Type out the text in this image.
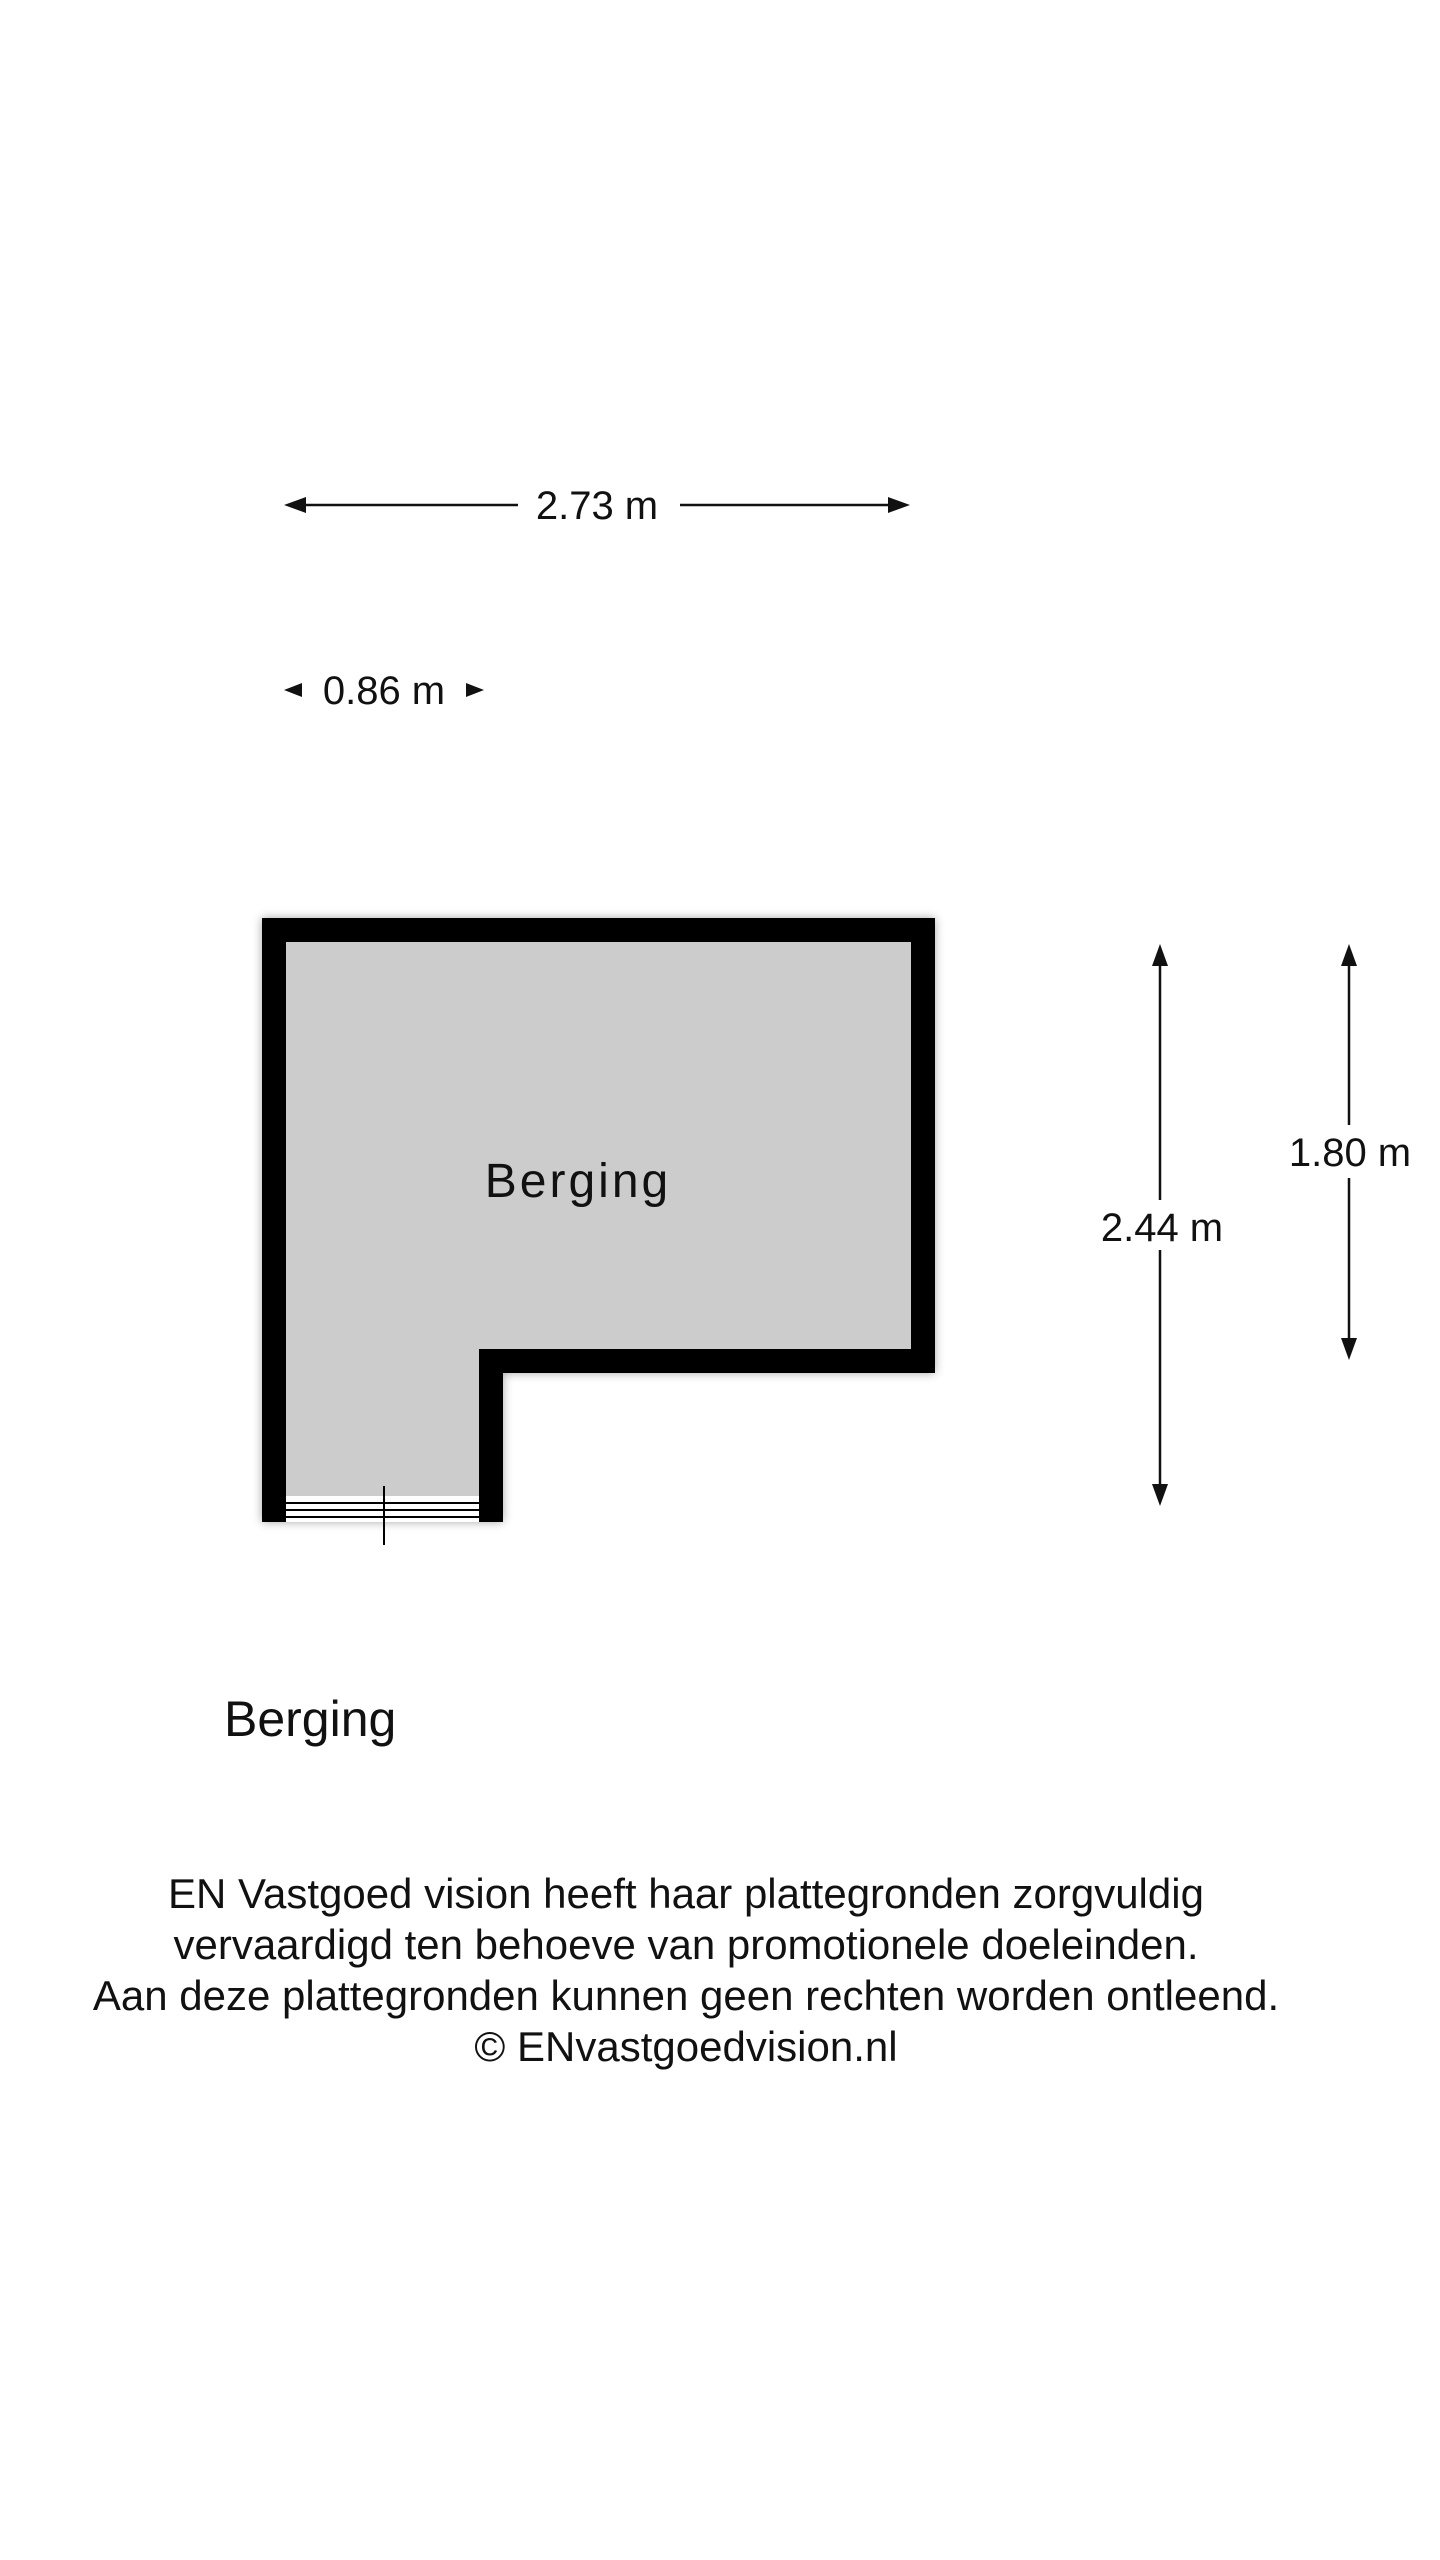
2.73 m
0.86 m
Berging
2.44 m
1.80 m
Berging
EN Vastgoed vision heeft haar plattegronden zorgvuldig
vervaardigd ten behoeve van promotionele doeleinden.
Aan deze plattegronden kunnen geen rechten worden ontleend.
© ENvastgoedvision.nl
